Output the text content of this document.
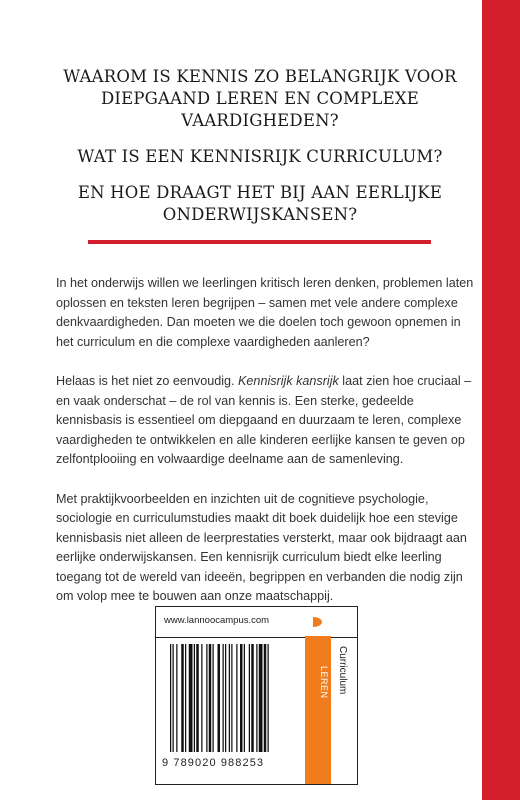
WAAROM IS KENNIS ZO BELANGRIJK VOOR DIEPGAAND LEREN EN COMPLEXE VAARDIGHEDEN?

WAT IS EEN KENNISRIJK CURRICULUM?

EN HOE DRAAGT HET BIJ AAN EERLIJKE ONDERWIJSKANSEN?

In het onderwijs willen we leerlingen kritisch leren denken, problemen laten oplossen en teksten leren begrijpen – samen met vele andere complexe denkvaardigheden. Dan moeten we die doelen toch gewoon opnemen in het curriculum en die complexe vaardigheden aanleren?

Helaas is het niet zo eenvoudig. Kennisrijk kansrijk laat zien hoe cruciaal – en vaak onderschat – de rol van kennis is. Een sterke, gedeelde kennisbasis is essentieel om diepgaand en duurzaam te leren, complexe vaardigheden te ontwikkelen en alle kinderen eerlijke kansen te geven op zelfontplooiing en volwaardige deelname aan de samenleving.

Met praktijkvoorbeelden en inzichten uit de cognitieve psychologie, sociologie en curriculumstudies maakt dit boek duidelijk hoe een stevige kennisbasis niet alleen de leerprestaties versterkt, maar ook bijdraagt aan eerlijke onderwijskansen. Een kennisrijk curriculum biedt elke leerling toegang tot de wereld van ideeën, begrippen en verbanden die nodig zijn om volop mee te bouwen aan onze maatschappij.

www.lannoocampus.com
9 789020 988253
LEREN Curriculum
